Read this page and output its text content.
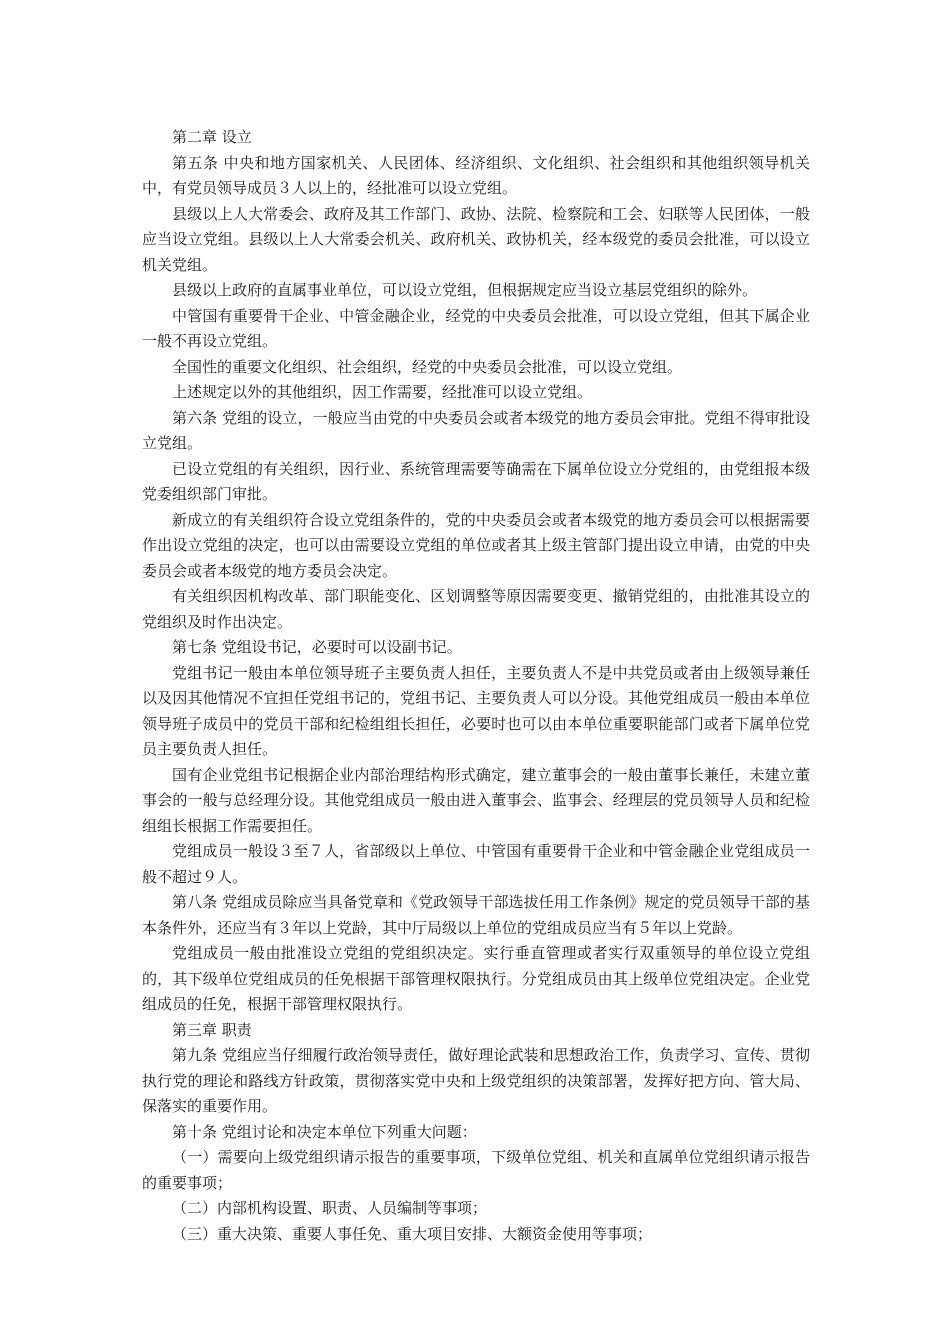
第二章 设立

第五条 中央和地方国家机关、人民团体、经济组织、文化组织、社会组织和其他组织领导机关中，有党员领导成员３人以上的，经批准可以设立党组。

县级以上人大常委会、政府及其工作部门、政协、法院、检察院和工会、妇联等人民团体，一般应当设立党组。县级以上人大常委会机关、政府机关、政协机关，经本级党的委员会批准，可以设立机关党组。

县级以上政府的直属事业单位，可以设立党组，但根据规定应当设立基层党组织的除外。

中管国有重要骨干企业、中管金融企业，经党的中央委员会批准，可以设立党组，但其下属企业一般不再设立党组。

全国性的重要文化组织、社会组织，经党的中央委员会批准，可以设立党组。

上述规定以外的其他组织，因工作需要，经批准可以设立党组。

第六条 党组的设立，一般应当由党的中央委员会或者本级党的地方委员会审批。党组不得审批设立党组。

已设立党组的有关组织，因行业、系统管理需要等确需在下属单位设立分党组的，由党组报本级党委组织部门审批。

新成立的有关组织符合设立党组条件的，党的中央委员会或者本级党的地方委员会可以根据需要作出设立党组的决定，也可以由需要设立党组的单位或者其上级主管部门提出设立申请，由党的中央委员会或者本级党的地方委员会决定。

有关组织因机构改革、部门职能变化、区划调整等原因需要变更、撤销党组的，由批准其设立的党组织及时作出决定。

第七条 党组设书记，必要时可以设副书记。

党组书记一般由本单位领导班子主要负责人担任，主要负责人不是中共党员或者由上级领导兼任以及因其他情况不宜担任党组书记的，党组书记、主要负责人可以分设。其他党组成员一般由本单位领导班子成员中的党员干部和纪检组组长担任，必要时也可以由本单位重要职能部门或者下属单位党员主要负责人担任。

国有企业党组书记根据企业内部治理结构形式确定，建立董事会的一般由董事长兼任，未建立董事会的一般与总经理分设。其他党组成员一般由进入董事会、监事会、经理层的党员领导人员和纪检组组长根据工作需要担任。

党组成员一般设３至７人，省部级以上单位、中管国有重要骨干企业和中管金融企业党组成员一般不超过９人。

第八条 党组成员除应当具备党章和《党政领导干部选拔任用工作条例》规定的党员领导干部的基本条件外，还应当有３年以上党龄，其中厅局级以上单位的党组成员应当有５年以上党龄。

党组成员一般由批准设立党组的党组织决定。实行垂直管理或者实行双重领导的单位设立党组的，其下级单位党组成员的任免根据干部管理权限执行。分党组成员由其上级单位党组决定。企业党组成员的任免，根据干部管理权限执行。

第三章 职责

第九条 党组应当仔细履行政治领导责任，做好理论武装和思想政治工作，负责学习、宣传、贯彻执行党的理论和路线方针政策，贯彻落实党中央和上级党组织的决策部署，发挥好把方向、管大局、保落实的重要作用。

第十条 党组讨论和决定本单位下列重大问题：

（一）需要向上级党组织请示报告的重要事项，下级单位党组、机关和直属单位党组织请示报告的重要事项；

（二）内部机构设置、职责、人员编制等事项；

（三）重大决策、重要人事任免、重大项目安排、大额资金使用等事项；
